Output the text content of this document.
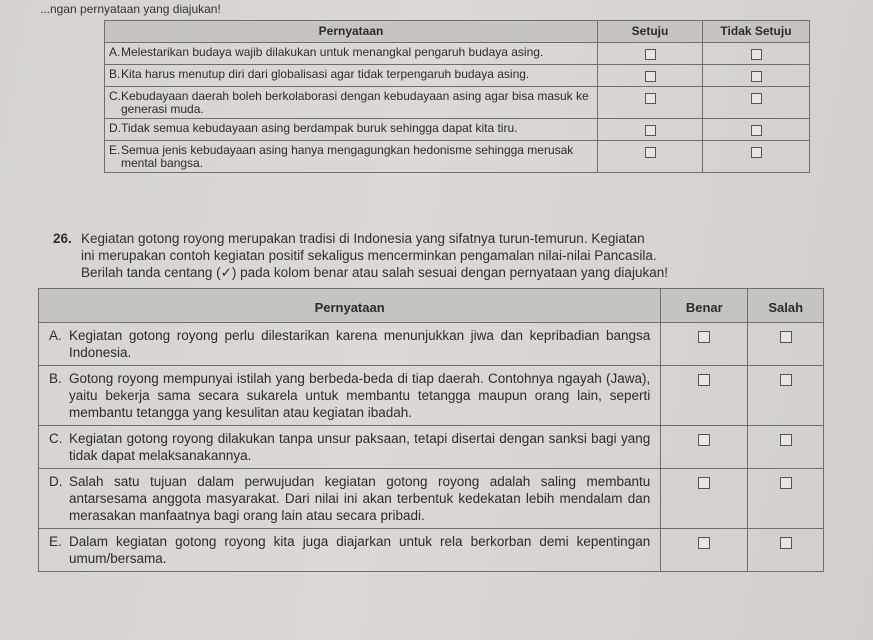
...ngan pernyataan yang diajukan!
Pernyataan	Setuju	Tidak Setuju

A. Melestarikan budaya wajib dilakukan untuk menangkal pengaruh budaya asing.		

B. Kita harus menutup diri dari globalisasi agar tidak terpengaruh budaya asing.		

C. Kebudayaan daerah boleh berkolaborasi dengan kebudayaan asing agar bisa masuk ke generasi muda.		

D. Tidak semua kebudayaan asing berdampak buruk sehingga dapat kita tiru.		

E. Semua jenis kebudayaan asing hanya mengagungkan hedonisme sehingga merusak mental bangsa.		

26. Kegiatan gotong royong merupakan tradisi di Indonesia yang sifatnya turun-temurun. Kegiatan
ini merupakan contoh kegiatan positif sekaligus mencerminkan pengamalan nilai-nilai Pancasila.
Berilah tanda centang (✓) pada kolom benar atau salah sesuai dengan pernyataan yang diajukan!
Pernyataan	Benar	Salah

A. Kegiatan gotong royong perlu dilestarikan karena menunjukkan jiwa dan kepribadian bangsa Indonesia.		

B. Gotong royong mempunyai istilah yang berbeda-beda di tiap daerah. Contohnya ngayah (Jawa), yaitu bekerja sama secara sukarela untuk membantu tetangga maupun orang lain, seperti membantu tetangga yang kesulitan atau kegiatan ibadah.		

C. Kegiatan gotong royong dilakukan tanpa unsur paksaan, tetapi disertai dengan sanksi bagi yang tidak dapat melaksanakannya.		

D. Salah satu tujuan dalam perwujudan kegiatan gotong royong adalah saling membantu antarsesama anggota masyarakat. Dari nilai ini akan terbentuk kedekatan lebih mendalam dan merasakan manfaatnya bagi orang lain atau secara pribadi.		

E. Dalam kegiatan gotong royong kita juga diajarkan untuk rela berkorban demi kepentingan umum/bersama.		
